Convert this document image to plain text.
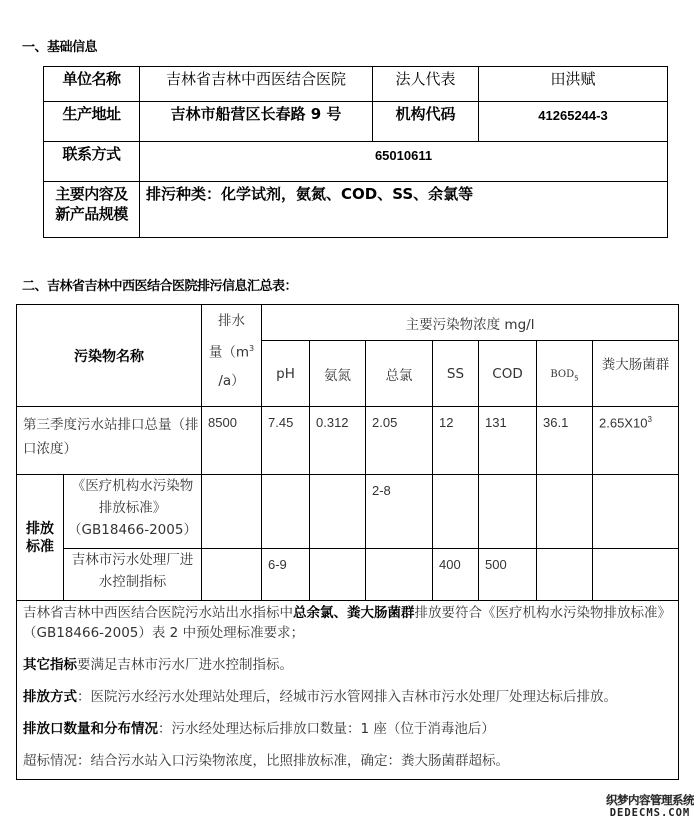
一、基础信息
单位名称	吉林省吉林中西医结合医院	法人代表	田洪赋
生产地址	吉林市船营区长春路 9 号	机构代码	41265244-3
联系方式	65010611		

主要内容及
新产品规模	排污种类：化学试剂，氨氮、COD、SS、余氯等		
二、吉林省吉林中西医结合医院排污信息汇总表：
污染物名称		排水
量（$m^3$
/a）	主要污染物浓度 mg/l						
			pH	氨氮	总氯	SS	COD	$BOD_5$	粪大肠菌群
第三季度污水站排口总量（排口浓度）		8500	7.45	0.312	2.05	12	131	36.1	$2.65X10^3$

排放
标准	《医疗机构水污染物排放标准》（GB18466-2005）				2-8				
	吉林市污水处理厂进水控制指标		6-9			400	500		

吉林省吉林中西医结合医院污水站出水指标中总余氯、粪大肠菌群排放要符合《医疗机构水污染物排放标准》（GB18466-2005）表 2 中预处理标准要求；

其它指标要满足吉林市污水厂进水控制指标。

排放方式：医院污水经污水处理站处理后，经城市污水管网排入吉林市污水处理厂处理达标后排放。

排放口数量和分布情况：污水经处理达标后排放口数量：1 座（位于消毒池后）

超标情况：结合污水站入口污染物浓度，比照排放标准，确定：粪大肠菌群超标。									

织梦内容管理系统
DEDECMS.COM
